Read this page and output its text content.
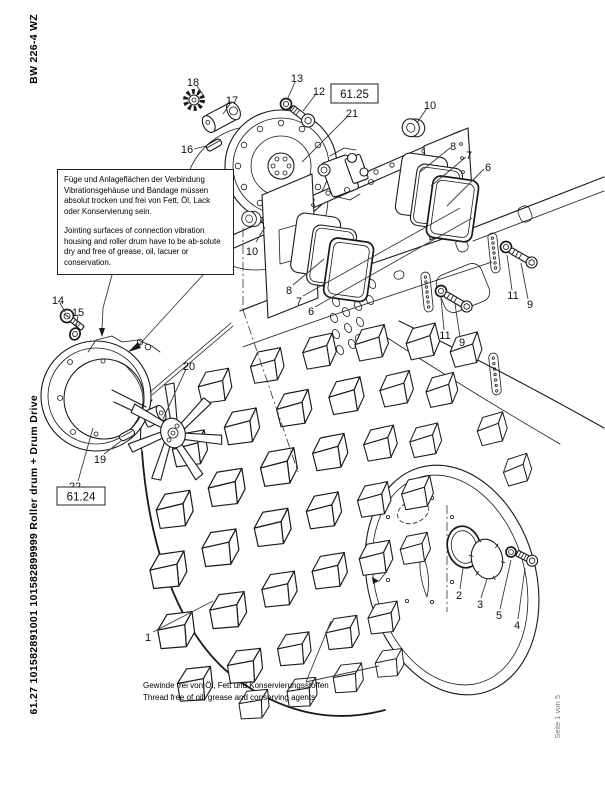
18
17
16
13
12
21
10
10
8
7
6
8
7
6
11
9
11
9
14
15
20
19
1
2
3
5
4
61.25
61.24

Füge und Anlageflächen der Verbindung Vibrationsgehäuse und Bandage müssen absolut trocken und frei von Fett, Öl, Lack oder Konservierung sein.

Jointing surfaces of connection vibration housing and roller drum have to be ab-solute dry and free of grease, oil, lacuer or conservation.

Gewinde frei von Öl, Fett und Konservierungsstoffen
Thread free of oil, grease and conserving agents
BW 226-4 WZ
61.27 101582891001 101582899999 Roller drum + Drum Drive
Seite 1 von 5
